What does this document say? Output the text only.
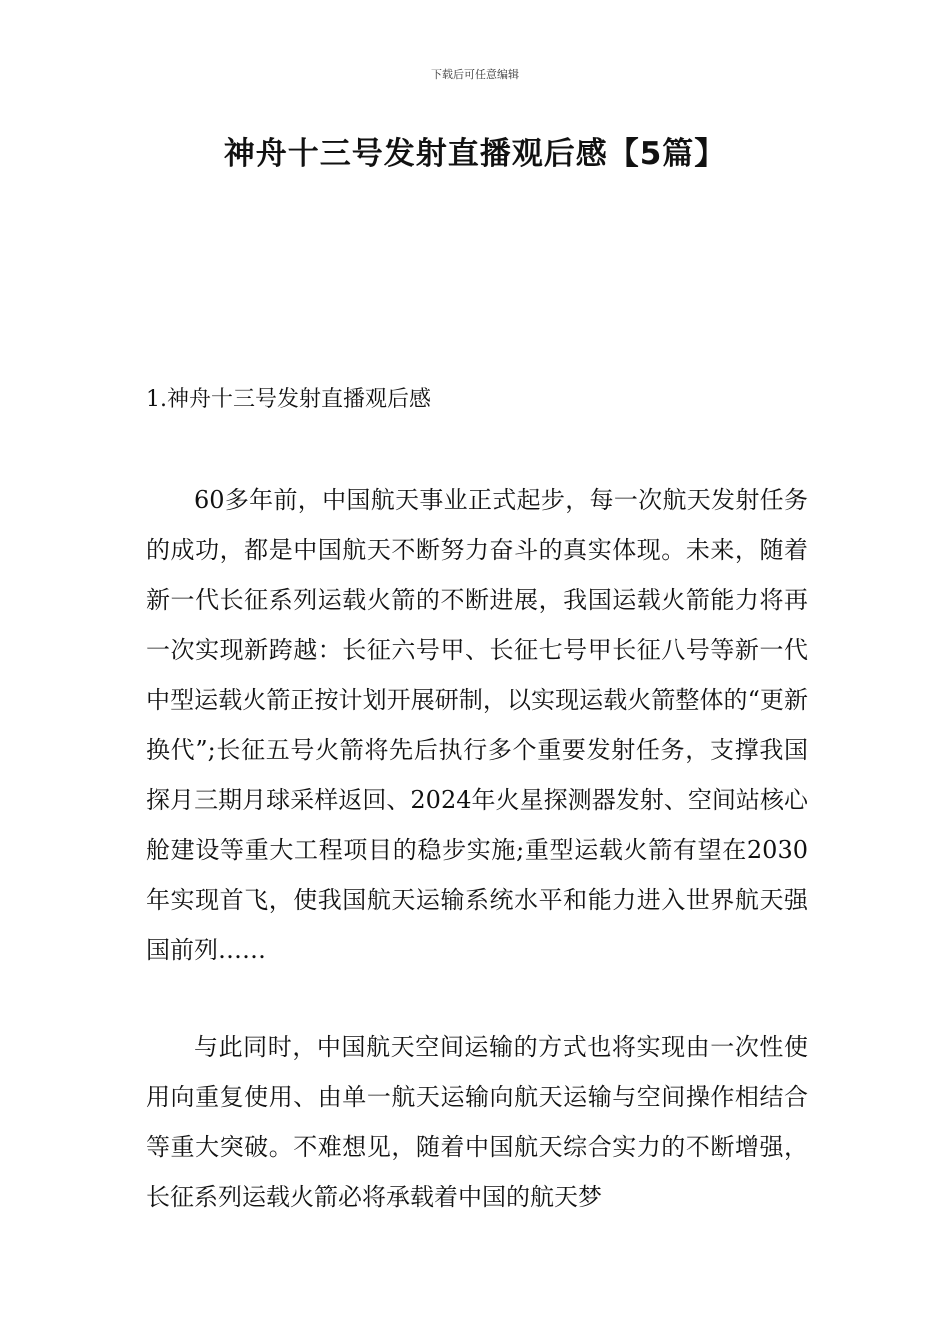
下载后可任意编辑
神舟十三号发射直播观后感【5篇】
1.神舟十三号发射直播观后感

60多年前，中国航天事业正式起步，每一次航天发射任务的成功，都是中国航天不断努力奋斗的真实体现。未来，随着新一代长征系列运载火箭的不断进展，我国运载火箭能力将再一次实现新跨越：长征六号甲、长征七号甲长征八号等新一代中型运载火箭正按计划开展研制，以实现运载火箭整体的“更新换代”;长征五号火箭将先后执行多个重要发射任务，支撑我国探月三期月球采样返回、2024年火星探测器发射、空间站核心舱建设等重大工程项目的稳步实施;重型运载火箭有望在2030年实现首飞，使我国航天运输系统水平和能力进入世界航天强国前列……

与此同时，中国航天空间运输的方式也将实现由一次性使用向重复使用、由单一航天运输向航天运输与空间操作相结合等重大突破。不难想见，随着中国航天综合实力的不断增强，长征系列运载火箭必将承载着中国的航天梦
